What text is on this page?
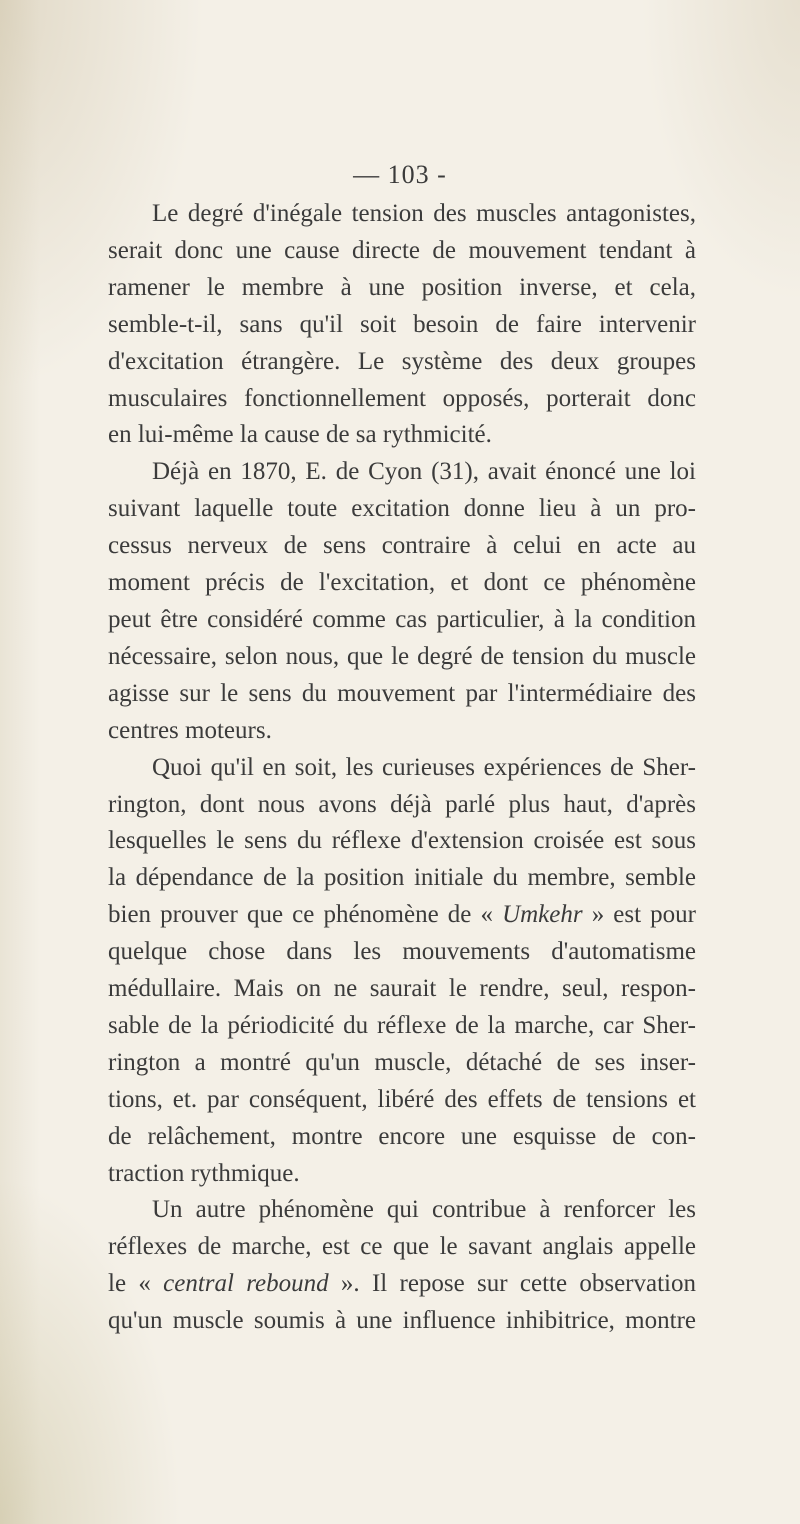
— 103 -

Le degré d'inégale tension des muscles antagonistes,
serait donc une cause directe de mouvement tendant à
ramener le membre à une position inverse, et cela,
semble-t-il, sans qu'il soit besoin de faire intervenir
d'excitation étrangère. Le système des deux groupes
musculaires fonctionnellement opposés, porterait donc
en lui-même la cause de sa rythmicité.

Déjà en 1870, E. de Cyon (31), avait énoncé une loi
suivant laquelle toute excitation donne lieu à un pro-
cessus nerveux de sens contraire à celui en acte au
moment précis de l'excitation, et dont ce phénomène
peut être considéré comme cas particulier, à la condition
nécessaire, selon nous, que le degré de tension du muscle
agisse sur le sens du mouvement par l'intermédiaire des
centres moteurs.

Quoi qu'il en soit, les curieuses expériences de Sher-
rington, dont nous avons déjà parlé plus haut, d'après
lesquelles le sens du réflexe d'extension croisée est sous
la dépendance de la position initiale du membre, semble
bien prouver que ce phénomène de « Umkehr » est pour
quelque chose dans les mouvements d'automatisme
médullaire. Mais on ne saurait le rendre, seul, respon-
sable de la périodicité du réflexe de la marche, car Sher-
rington a montré qu'un muscle, détaché de ses inser-
tions, et. par conséquent, libéré des effets de tensions et
de relâchement, montre encore une esquisse de con-
traction rythmique.

Un autre phénomène qui contribue à renforcer les
réflexes de marche, est ce que le savant anglais appelle
le « central rebound ». Il repose sur cette observation
qu'un muscle soumis à une influence inhibitrice, montre
